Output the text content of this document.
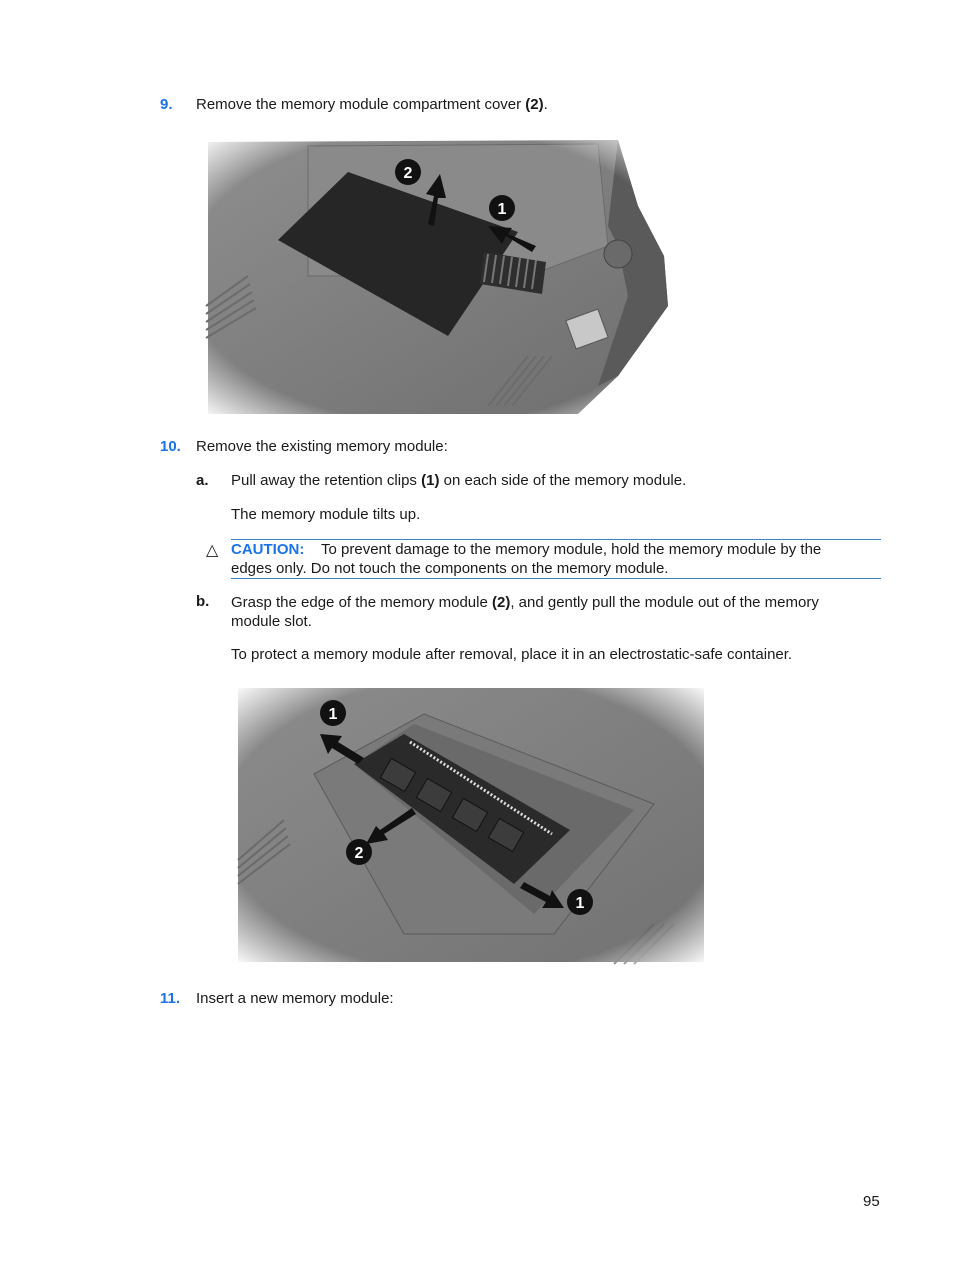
9. Remove the memory module compartment cover (2).
10. Remove the existing memory module:
a. Pull away the retention clips (1) on each side of the memory module.
The memory module tilts up.
△ CAUTION: To prevent damage to the memory module, hold the memory module by the
edges only. Do not touch the components on the memory module.
b. Grasp the edge of the memory module (2), and gently pull the module out of the memory
module slot.
To protect a memory module after removal, place it in an electrostatic-safe container.
11. Insert a new memory module:
95
